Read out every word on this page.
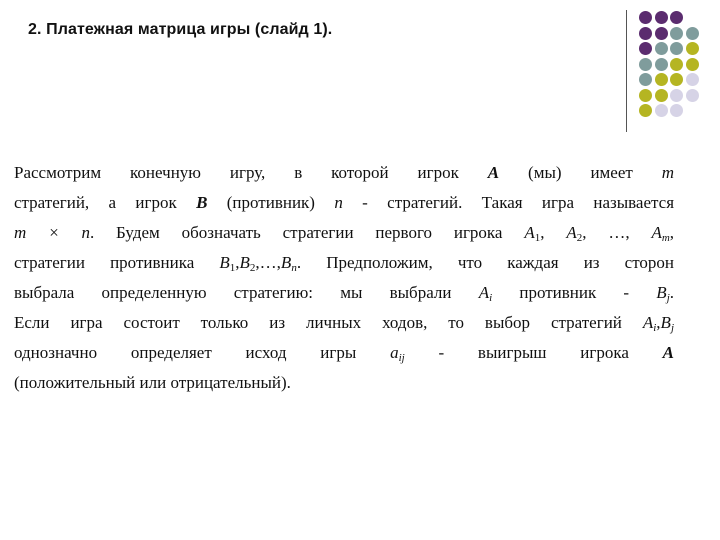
2. Платежная матрица игры (слайд 1).
Рассмотрим конечную игру, в которой игрок A (мы) имеет m
стратегий, а игрок B (противник) n - стратегий. Такая игра называется
m × n. Будем обозначать стратегии первого игрока $A_1$, $A_2$, …, $A_m$,
стратегии противника $B_1,B_2,\dots,B_n$. Предположим, что каждая из сторон
выбрала определенную стратегию: мы выбрали $A_i$ противник - $B_j$.
Если игра состоит только из личных ходов, то выбор стратегий $A_i,B_j$
однозначно определяет исход игры $a_{ij}$ - выигрыш игрока A
(положительный или отрицательный).
